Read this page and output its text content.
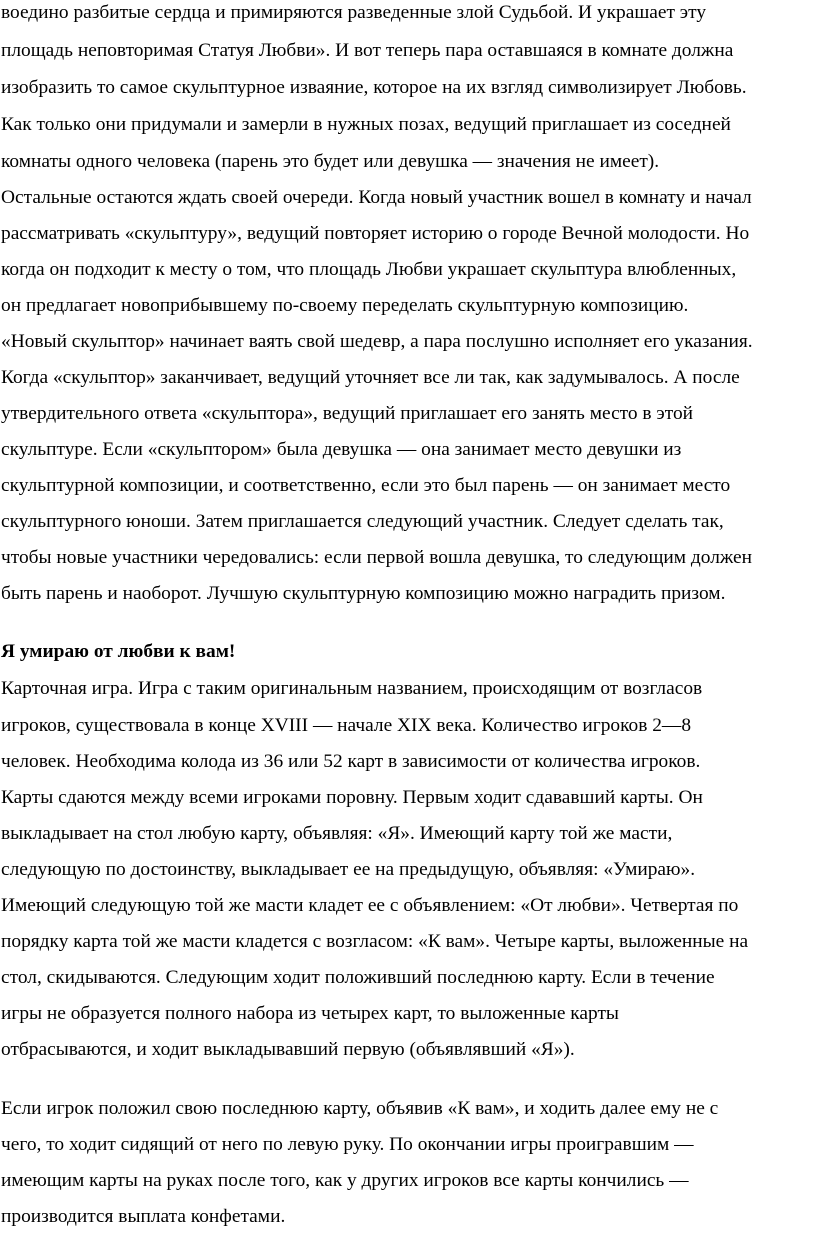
воедино разбитые сердца и примиряются разведенные злой Судьбой. И украшает эту
площадь неповторимая Статуя Любви». И вот теперь пара оставшаяся в комнате должна
изобразить то самое скульптурное изваяние, которое на их взгляд символизирует Любовь.
Как только они придумали и замерли в нужных позах, ведущий приглашает из соседней
комнаты одного человека (парень это будет или девушка — значения не имеет).
Остальные остаются ждать своей очереди. Когда новый участник вошел в комнату и начал
рассматривать «скульптуру», ведущий повторяет историю о городе Вечной молодости. Но
когда он подходит к месту о том, что площадь Любви украшает скульптура влюбленных,
он предлагает новоприбывшему по-своему переделать скульптурную композицию.
«Новый скульптор» начинает ваять свой шедевр, а пара послушно исполняет его указания.
Когда «скульптор» заканчивает, ведущий уточняет все ли так, как задумывалось. А после
утвердительного ответа «скульптора», ведущий приглашает его занять место в этой
скульптуре. Если «скульптором» была девушка — она занимает место девушки из
скульптурной композиции, и соответственно, если это был парень — он занимает место
скульптурного юноши. Затем приглашается следующий участник. Следует сделать так,
чтобы новые участники чередовались: если первой вошла девушка, то следующим должен
быть парень и наоборот. Лучшую скульптурную композицию можно наградить призом.
Я умираю от любви к вам!
Карточная игра. Игра с таким оригинальным названием, происходящим от возгласов
игроков, существовала в конце XVIII — начале XIX века. Количество игроков 2—8
человек. Необходима колода из 36 или 52 карт в зависимости от количества игроков.
Карты сдаются между всеми игроками поровну. Первым ходит сдававший карты. Он
выкладывает на стол любую карту, объявляя: «Я». Имеющий карту той же масти,
следующую по достоинству, выкладывает ее на предыдущую, объявляя: «Умираю».
Имеющий следующую той же масти кладет ее с объявлением: «От любви». Четвертая по
порядку карта той же масти кладется с возгласом: «К вам». Четыре карты, выложенные на
стол, скидываются. Следующим ходит положивший последнюю карту. Если в течение
игры не образуется полного набора из четырех карт, то выложенные карты
отбрасываются, и ходит выкладывавший первую (объявлявший «Я»).
Если игрок положил свою последнюю карту, объявив «К вам», и ходить далее ему не с
чего, то ходит сидящий от него по левую руку. По окончании игры проигравшим —
имеющим карты на руках после того, как у других игроков все карты кончились —
производится выплата конфетами.
